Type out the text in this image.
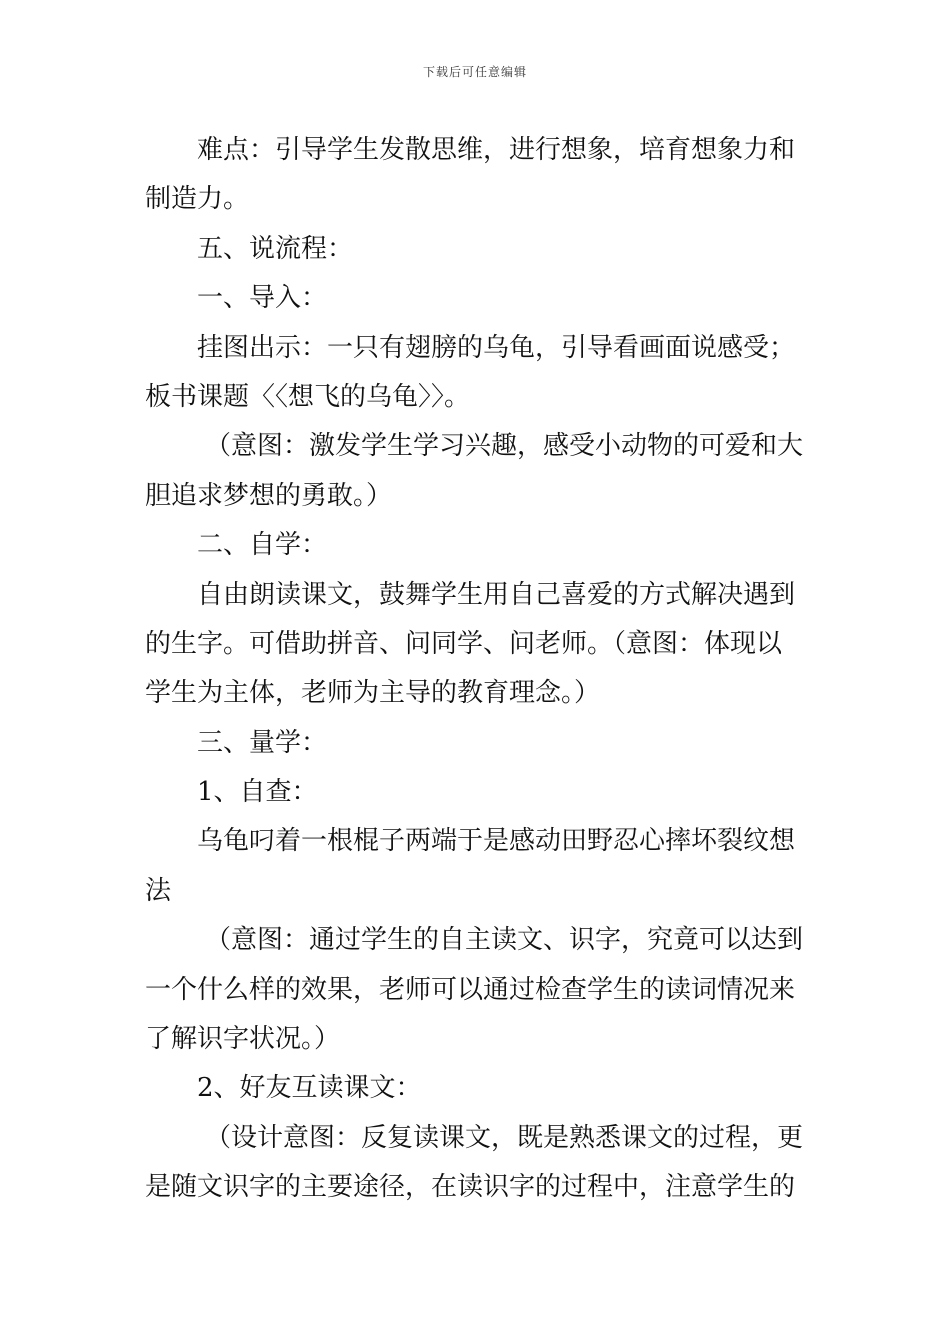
下载后可任意编辑
难点：引导学生发散思维，进行想象，培育想象力和
制造力。
五、说流程：
一、导入：
挂图出示：一只有翅膀的乌龟，引导看画面说感受；
板书课题〈〈想飞的乌龟〉〉。
（意图：激发学生学习兴趣，感受小动物的可爱和大
胆追求梦想的勇敢。）
二、自学：
自由朗读课文，鼓舞学生用自己喜爱的方式解决遇到
的生字。可借助拼音、问同学、问老师。（意图：体现以
学生为主体，老师为主导的教育理念。）
三、量学：
1、自查：
乌龟叼着一根棍子两端于是感动田野忍心摔坏裂纹想
法
（意图：通过学生的自主读文、识字，究竟可以达到
一个什么样的效果，老师可以通过检查学生的读词情况来
了解识字状况。）
2、好友互读课文：
（设计意图：反复读课文，既是熟悉课文的过程，更
是随文识字的主要途径，在读识字的过程中，注意学生的
